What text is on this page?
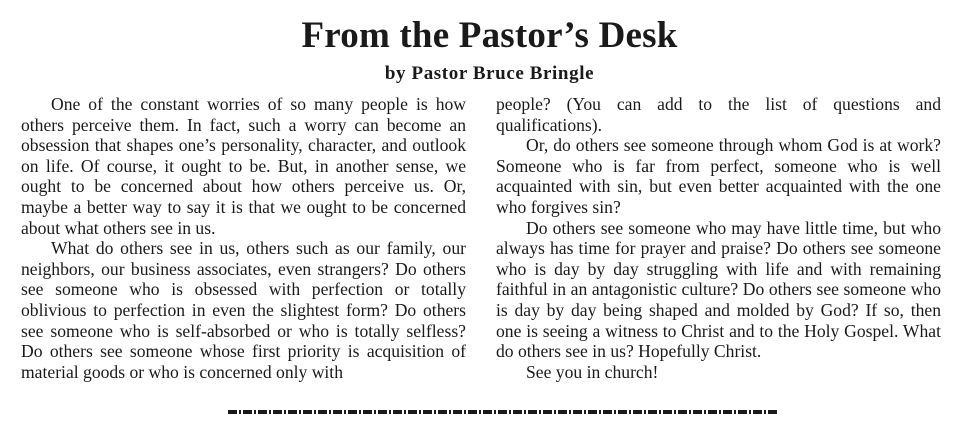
From the Pastor’s Desk
by Pastor Bruce Bringle

One of the constant worries of so many people is how others perceive them. In fact, such a worry can become an obsession that shapes one’s personality, character, and outlook on life. Of course, it ought to be. But, in another sense, we ought to be concerned about how others perceive us. Or, maybe a better way to say it is that we ought to be concerned about what others see in us.

What do others see in us, others such as our family, our neighbors, our business associates, even strangers? Do others see someone who is obsessed with perfection or totally oblivious to perfection in even the slightest form? Do others see someone who is self-absorbed or who is totally selfless? Do others see someone whose first priority is acquisition of material goods or who is concerned only with

people? (You can add to the list of questions and qualifications).

Or, do others see someone through whom God is at work? Someone who is far from perfect, someone who is well acquainted with sin, but even better acquainted with the one who forgives sin?

Do others see someone who may have little time, but who always has time for prayer and praise? Do others see someone who is day by day struggling with life and with remaining faithful in an antagonistic culture? Do others see someone who is day by day being shaped and molded by God? If so, then one is seeing a witness to Christ and to the Holy Gospel. What do others see in us? Hopefully Christ.

See you in church!
